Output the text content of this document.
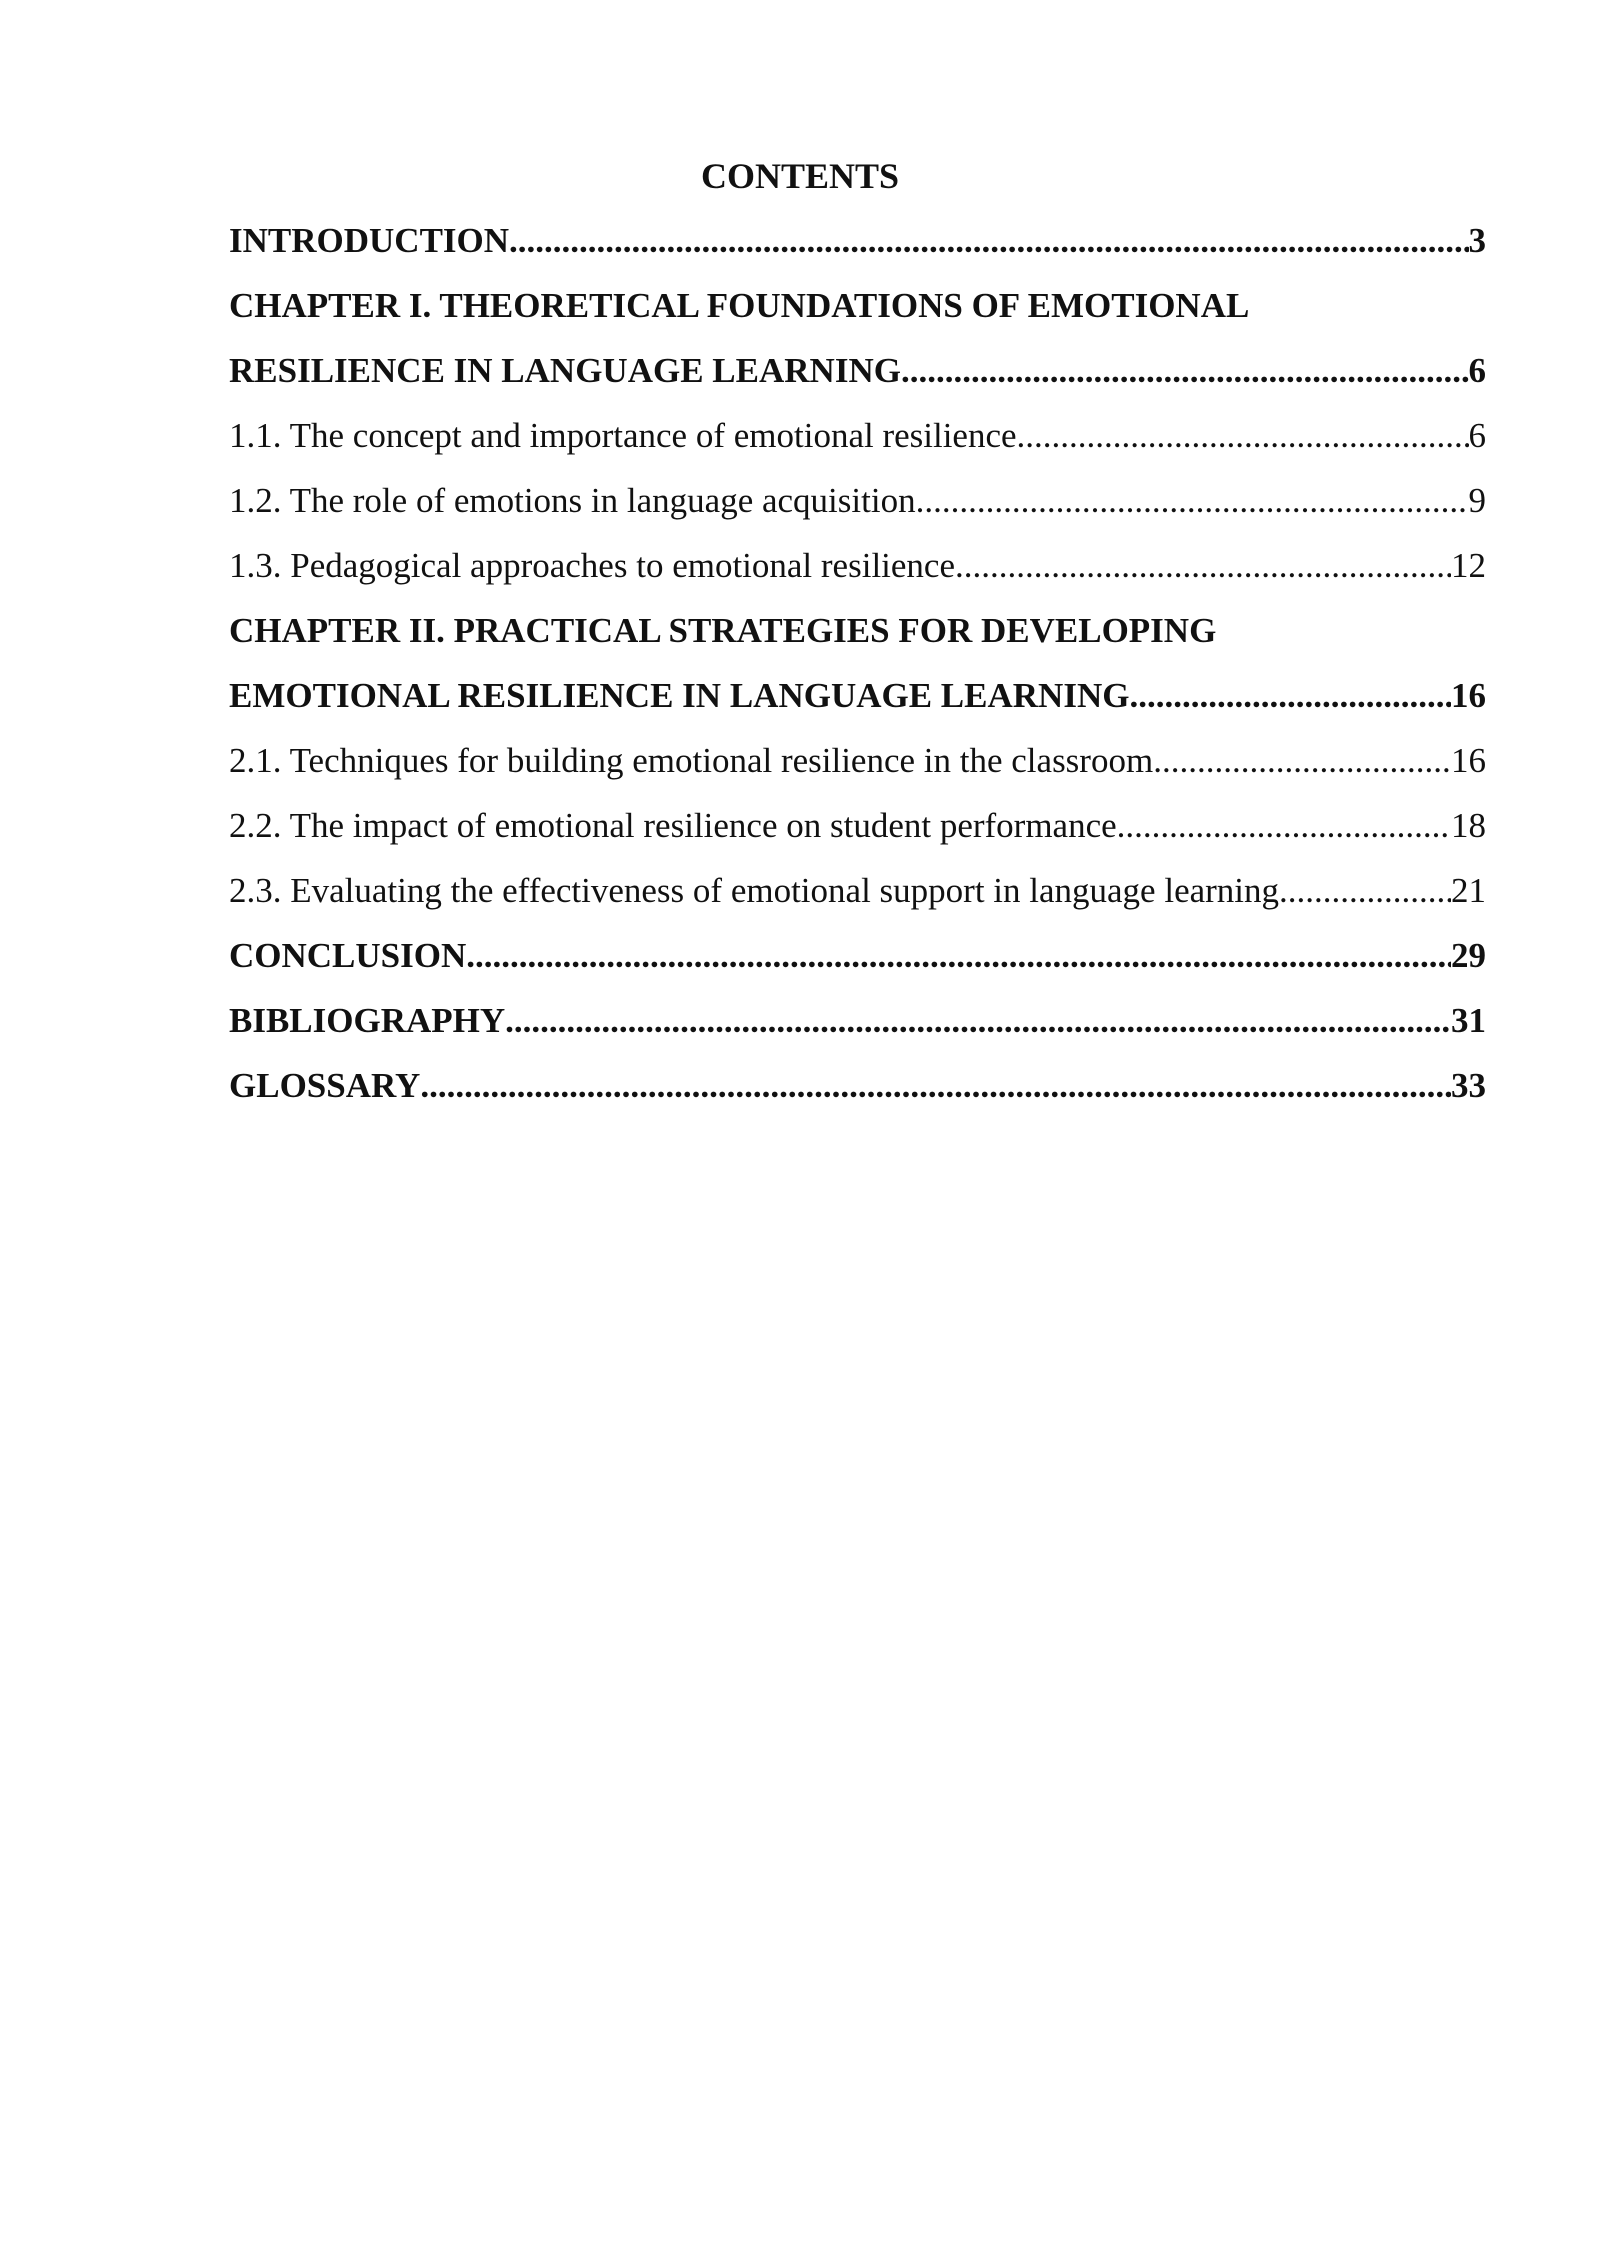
CONTENTS
INTRODUCTION .....	3
CHAPTER I. THEORETICAL FOUNDATIONS OF EMOTIONAL
RESILIENCE IN LANGUAGE LEARNING .....	6
1.1. The concept and importance of emotional resilience .....	6
1.2. The role of emotions in language acquisition .....	9
1.3. Pedagogical approaches to emotional resilience .....	12
CHAPTER II. PRACTICAL STRATEGIES FOR DEVELOPING
EMOTIONAL RESILIENCE IN LANGUAGE LEARNING .....	16
2.1. Techniques for building emotional resilience in the classroom .....	16
2.2. The impact of emotional resilience on student performance .....	18
2.3. Evaluating the effectiveness of emotional support in language learning .....	21
CONCLUSION .....	29
BIBLIOGRAPHY .....	31
GLOSSARY .....	33
